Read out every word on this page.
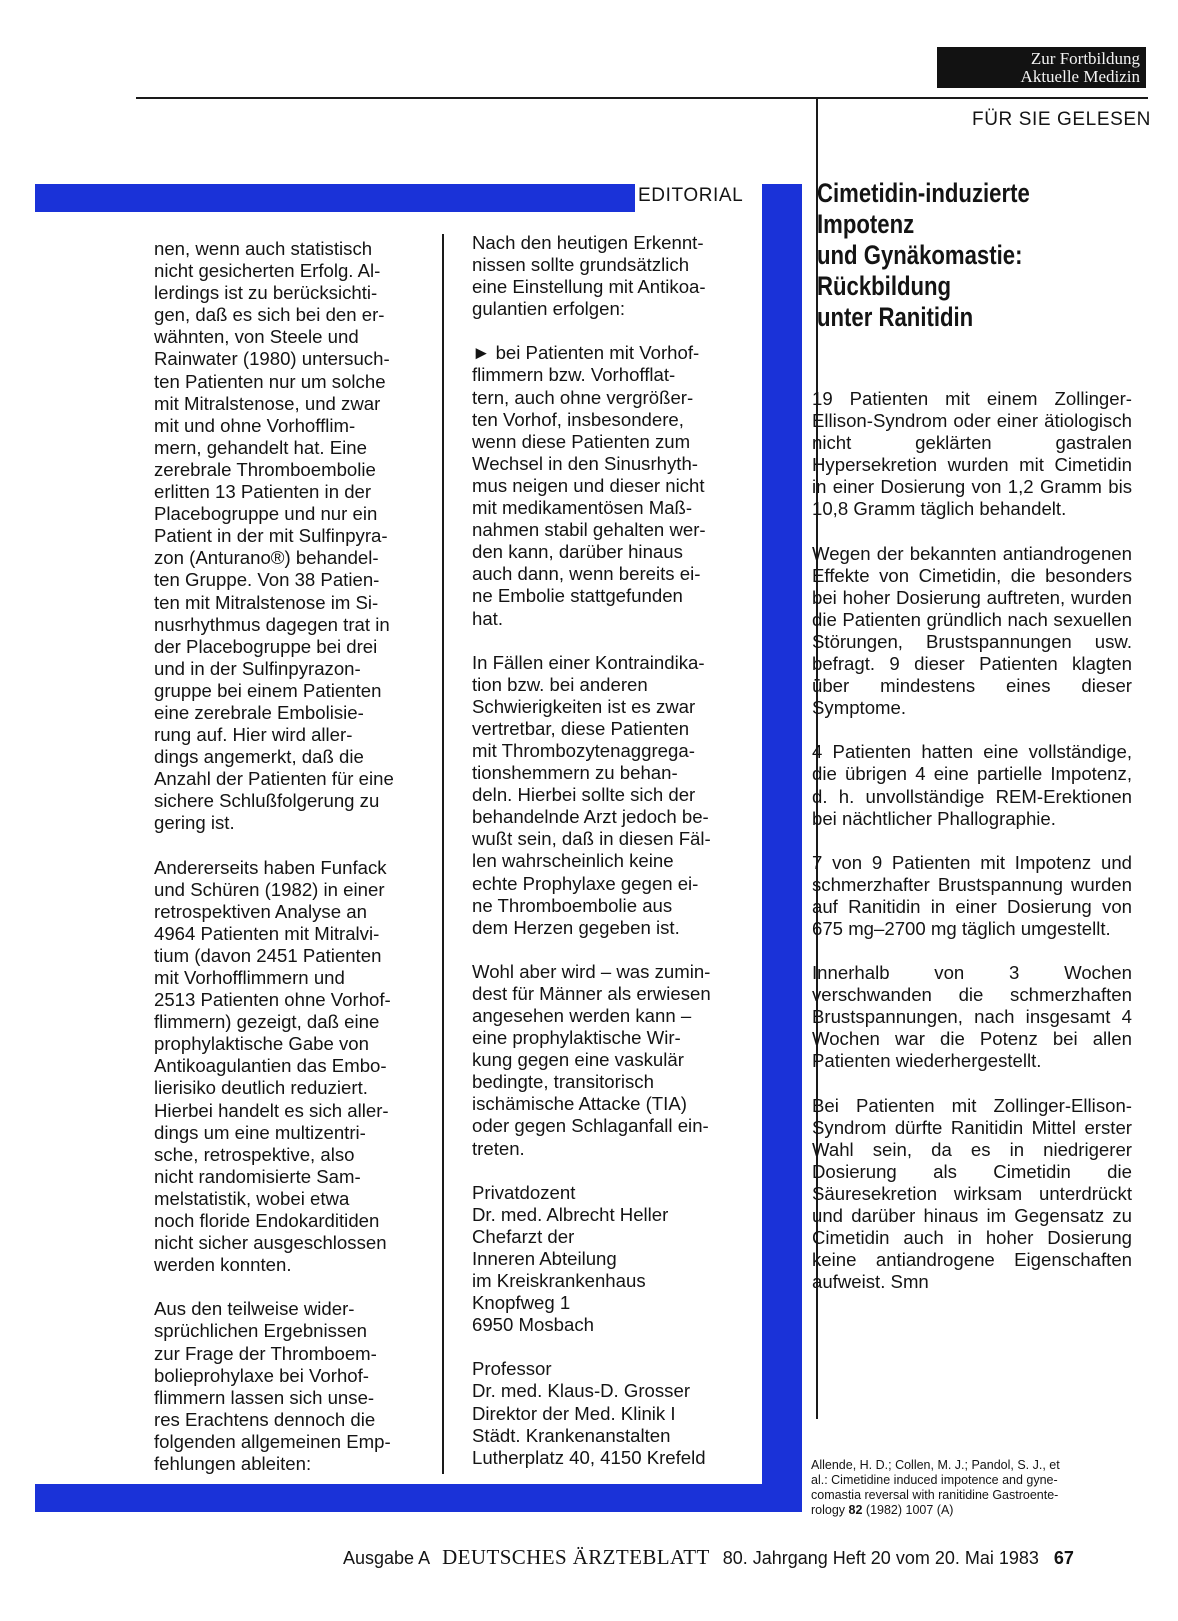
Zur Fortbildung
Aktuelle Medizin
FÜR SIE GELESEN
EDITORIAL

nen, wenn auch statistisch
nicht gesicherten Erfolg. Al-
lerdings ist zu berücksichti-
gen, daß es sich bei den er-
wähnten, von Steele und
Rainwater (1980) untersuch-
ten Patienten nur um solche
mit Mitralstenose, und zwar
mit und ohne Vorhofflim-
mern, gehandelt hat. Eine
zerebrale Thromboembolie
erlitten 13 Patienten in der
Placebogruppe und nur ein
Patient in der mit Sulfinpyra-
zon (Anturano®) behandel-
ten Gruppe. Von 38 Patien-
ten mit Mitralstenose im Si-
nusrhythmus dagegen trat in
der Placebogruppe bei drei
und in der Sulfinpyrazon-
gruppe bei einem Patienten
eine zerebrale Embolisie-
rung auf. Hier wird aller-
dings angemerkt, daß die
Anzahl der Patienten für eine
sichere Schlußfolgerung zu
gering ist.

Andererseits haben Funfack
und Schüren (1982) in einer
retrospektiven Analyse an
4964 Patienten mit Mitralvi-
tium (davon 2451 Patienten
mit Vorhofflimmern und
2513 Patienten ohne Vorhof-
flimmern) gezeigt, daß eine
prophylaktische Gabe von
Antikoagulantien das Embo-
lierisiko deutlich reduziert.
Hierbei handelt es sich aller-
dings um eine multizentri-
sche, retrospektive, also
nicht randomisierte Sam-
melstatistik, wobei etwa
noch floride Endokarditiden
nicht sicher ausgeschlossen
werden konnten.

Aus den teilweise wider-
sprüchlichen Ergebnissen
zur Frage der Thromboem-
bolieprohylaxe bei Vorhof-
flimmern lassen sich unse-
res Erachtens dennoch die
folgenden allgemeinen Emp-
fehlungen ableiten:

Nach den heutigen Erkennt-
nissen sollte grundsätzlich
eine Einstellung mit Antikoa-
gulantien erfolgen:

► bei Patienten mit Vorhof-
flimmern bzw. Vorhofflat-
tern, auch ohne vergrößer-
ten Vorhof, insbesondere,
wenn diese Patienten zum
Wechsel in den Sinusrhyth-
mus neigen und dieser nicht
mit medikamentösen Maß-
nahmen stabil gehalten wer-
den kann, darüber hinaus
auch dann, wenn bereits ei-
ne Embolie stattgefunden
hat.

In Fällen einer Kontraindika-
tion bzw. bei anderen
Schwierigkeiten ist es zwar
vertretbar, diese Patienten
mit Thrombozytenaggrega-
tionshemmern zu behan-
deln. Hierbei sollte sich der
behandelnde Arzt jedoch be-
wußt sein, daß in diesen Fäl-
len wahrscheinlich keine
echte Prophylaxe gegen ei-
ne Thromboembolie aus
dem Herzen gegeben ist.

Wohl aber wird – was zumin-
dest für Männer als erwiesen
angesehen werden kann –
eine prophylaktische Wir-
kung gegen eine vaskulär
bedingte, transitorisch
ischämische Attacke (TIA)
oder gegen Schlaganfall ein-
treten.

Privatdozent
Dr. med. Albrecht Heller
Chefarzt der
Inneren Abteilung
im Kreiskrankenhaus
Knopfweg 1
6950 Mosbach

Professor
Dr. med. Klaus-D. Grosser
Direktor der Med. Klinik I
Städt. Krankenanstalten
Lutherplatz 40, 4150 Krefeld

Cimetidin-induzierte
Impotenz
und Gynäkomastie:
Rückbildung
unter Ranitidin

19 Patienten mit einem Zollinger-Ellison-Syndrom oder einer ätiologisch nicht geklärten gastralen Hypersekretion wurden mit Cimetidin in einer Dosierung von 1,2 Gramm bis 10,8 Gramm täglich behandelt.

Wegen der bekannten antiandrogenen Effekte von Cimetidin, die besonders bei hoher Dosierung auftreten, wurden die Patienten gründlich nach sexuellen Störungen, Brustspannungen usw. befragt. 9 dieser Patienten klagten über mindestens eines dieser Symptome.

4 Patienten hatten eine vollständige, die übrigen 4 eine partielle Impotenz, d. h. unvollständige REM-Erektionen bei nächtlicher Phallographie.

7 von 9 Patienten mit Impotenz und schmerzhafter Brustspannung wurden auf Ranitidin in einer Dosierung von 675 mg–2700 mg täglich umgestellt.

Innerhalb von 3 Wochen verschwanden die schmerzhaften Brustspannungen, nach insgesamt 4 Wochen war die Potenz bei allen Patienten wiederhergestellt.

Bei Patienten mit Zollinger-Ellison-Syndrom dürfte Ranitidin Mittel erster Wahl sein, da es in niedrigerer Dosierung als Cimetidin die Säuresekretion wirksam unterdrückt und darüber hinaus im Gegensatz zu Cimetidin auch in hoher Dosierung keine antiandrogene Eigenschaften aufweist. Smn

Allende, H. D.; Collen, M. J.; Pandol, S. J., et
al.: Cimetidine induced impotence and gyne-
comastia reversal with ranitidine Gastroente-
rology 82 (1982) 1007 (A)
Ausgabe A DEUTSCHES ÄRZTEBLATT 80. Jahrgang Heft 20 vom 20. Mai 1983 67
